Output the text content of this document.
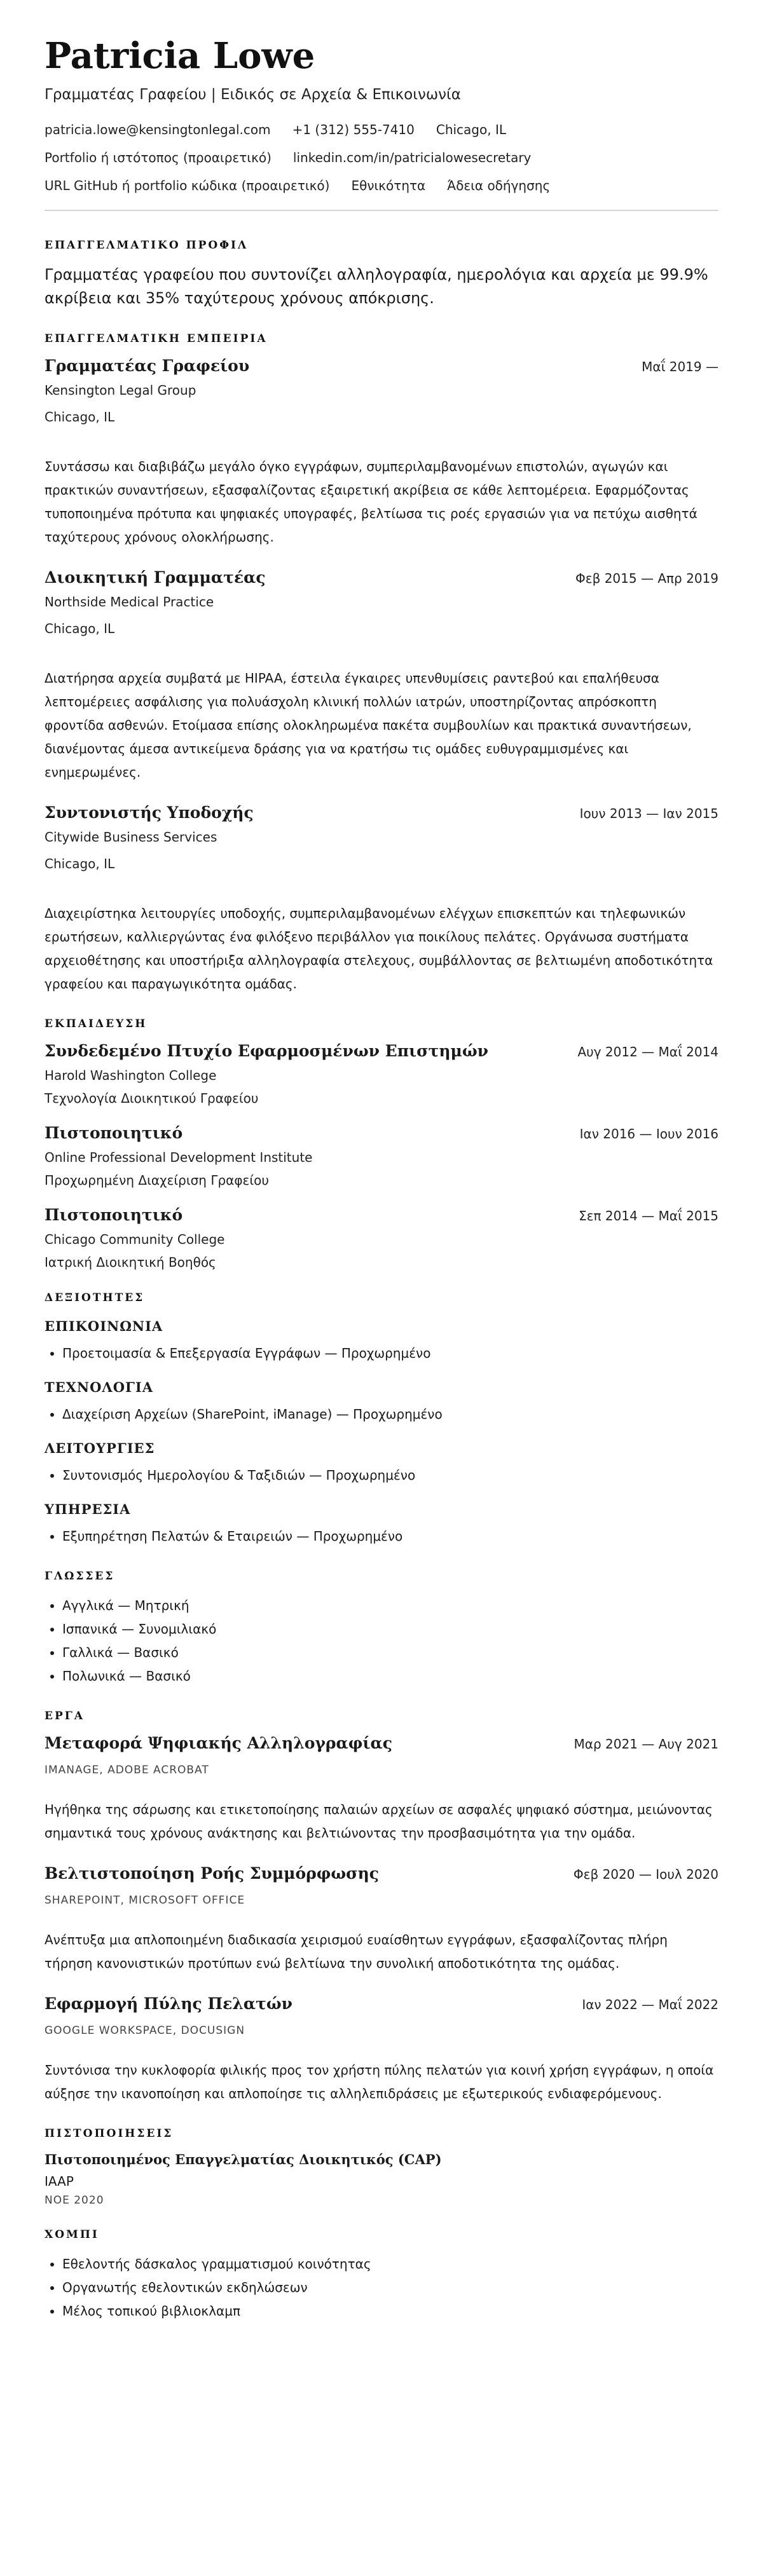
Patricia Lowe
Γραμματέας Γραφείου | Ειδικός σε Αρχεία & Επικοινωνία
patricia.lowe@kensingtonlegal.com +1 (312) 555-7410 Chicago, IL
Portfolio ή ιστότοπος (προαιρετικό) linkedin.com/in/patricialowesecretary
URL GitHub ή portfolio κώδικα (προαιρετικό) Εθνικότητα Άδεια οδήγησης
ΕΠΑΓΓΕΛΜΑΤΙΚΟ ΠΡΟΦΙΛ

Γραμματέας γραφείου που συντονίζει αλληλογραφία, ημερολόγια και αρχεία με 99.9% ακρίβεια και 35% ταχύτερους χρόνους απόκρισης.

ΕΠΑΓΓΕΛΜΑΤΙΚΗ ΕΜΠΕΙΡΙΑ
Γραμματέας Γραφείου	Μαΐ 2019 —
Kensington Legal Group
Chicago, IL

Συντάσσω και διαβιβάζω μεγάλο όγκο εγγράφων, συμπεριλαμβανομένων επιστολών, αγωγών και πρακτικών συναντήσεων, εξασφαλίζοντας εξαιρετική ακρίβεια σε κάθε λεπτομέρεια. Εφαρμόζοντας τυποποιημένα πρότυπα και ψηφιακές υπογραφές, βελτίωσα τις ροές εργασιών για να πετύχω αισθητά ταχύτερους χρόνους ολοκλήρωσης.

Διοικητική Γραμματέας	Φεβ 2015 — Απρ 2019
Northside Medical Practice
Chicago, IL

Διατήρησα αρχεία συμβατά με HIPAA, έστειλα έγκαιρες υπενθυμίσεις ραντεβού και επαλήθευσα λεπτομέρειες ασφάλισης για πολυάσχολη κλινική πολλών ιατρών, υποστηρίζοντας απρόσκοπτη φροντίδα ασθενών. Ετοίμασα επίσης ολοκληρωμένα πακέτα συμβουλίων και πρακτικά συναντήσεων, διανέμοντας άμεσα αντικείμενα δράσης για να κρατήσω τις ομάδες ευθυγραμμισμένες και ενημερωμένες.

Συντονιστής Υποδοχής	Ιουν 2013 — Ιαν 2015
Citywide Business Services
Chicago, IL

Διαχειρίστηκα λειτουργίες υποδοχής, συμπεριλαμβανομένων ελέγχων επισκεπτών και τηλεφωνικών ερωτήσεων, καλλιεργώντας ένα φιλόξενο περιβάλλον για ποικίλους πελάτες. Οργάνωσα συστήματα αρχειοθέτησης και υποστήριξα αλληλογραφία στελεχους, συμβάλλοντας σε βελτιωμένη αποδοτικότητα γραφείου και παραγωγικότητα ομάδας.

ΕΚΠΑΙΔΕΥΣΗ
Συνδεδεμένο Πτυχίο Εφαρμοσμένων Επιστημών	Αυγ 2012 — Μαΐ 2014
Harold Washington College
Τεχνολογία Διοικητικού Γραφείου
Πιστοποιητικό	Ιαν 2016 — Ιουν 2016
Online Professional Development Institute
Προχωρημένη Διαχείριση Γραφείου
Πιστοποιητικό	Σεπ 2014 — Μαΐ 2015
Chicago Community College
Ιατρική Διοικητική Βοηθός
ΔΕΞΙΟΤΗΤΕΣ
ΕΠΙΚΟΙΝΩΝΙΑ
• Προετοιμασία & Επεξεργασία Εγγράφων — Προχωρημένο
ΤΕΧΝΟΛΟΓΙΑ
• Διαχείριση Αρχείων (SharePoint, iManage) — Προχωρημένο
ΛΕΙΤΟΥΡΓΙΕΣ
• Συντονισμός Ημερολογίου & Ταξιδιών — Προχωρημένο
ΥΠΗΡΕΣΙΑ
• Εξυπηρέτηση Πελατών & Εταιρειών — Προχωρημένο
ΓΛΩΣΣΕΣ
• Αγγλικά — Μητρική
• Ισπανικά — Συνομιλιακό
• Γαλλικά — Βασικό
• Πολωνικά — Βασικό
ΕΡΓΑ
Μεταφορά Ψηφιακής Αλληλογραφίας	Μαρ 2021 — Αυγ 2021
IMANAGE, ADOBE ACROBAT

Ηγήθηκα της σάρωσης και ετικετοποίησης παλαιών αρχείων σε ασφαλές ψηφιακό σύστημα, μειώνοντας σημαντικά τους χρόνους ανάκτησης και βελτιώνοντας την προσβασιμότητα για την ομάδα.

Βελτιστοποίηση Ροής Συμμόρφωσης	Φεβ 2020 — Ιουλ 2020
SHAREPOINT, MICROSOFT OFFICE

Ανέπτυξα μια απλοποιημένη διαδικασία χειρισμού ευαίσθητων εγγράφων, εξασφαλίζοντας πλήρη τήρηση κανονιστικών προτύπων ενώ βελτίωνα την συνολική αποδοτικότητα της ομάδας.

Εφαρμογή Πύλης Πελατών	Ιαν 2022 — Μαΐ 2022
GOOGLE WORKSPACE, DOCUSIGN

Συντόνισα την κυκλοφορία φιλικής προς τον χρήστη πύλης πελατών για κοινή χρήση εγγράφων, η οποία αύξησε την ικανοποίηση και απλοποίησε τις αλληλεπιδράσεις με εξωτερικούς ενδιαφερόμενους.

ΠΙΣΤΟΠΟΙΗΣΕΙΣ
Πιστοποιημένος Επαγγελματίας Διοικητικός (CAP)
IAAP
ΝΟΕ 2020
ΧΟΜΠΙ
• Εθελοντής δάσκαλος γραμματισμού κοινότητας
• Οργανωτής εθελοντικών εκδηλώσεων
• Μέλος τοπικού βιβλιοκλαμπ
